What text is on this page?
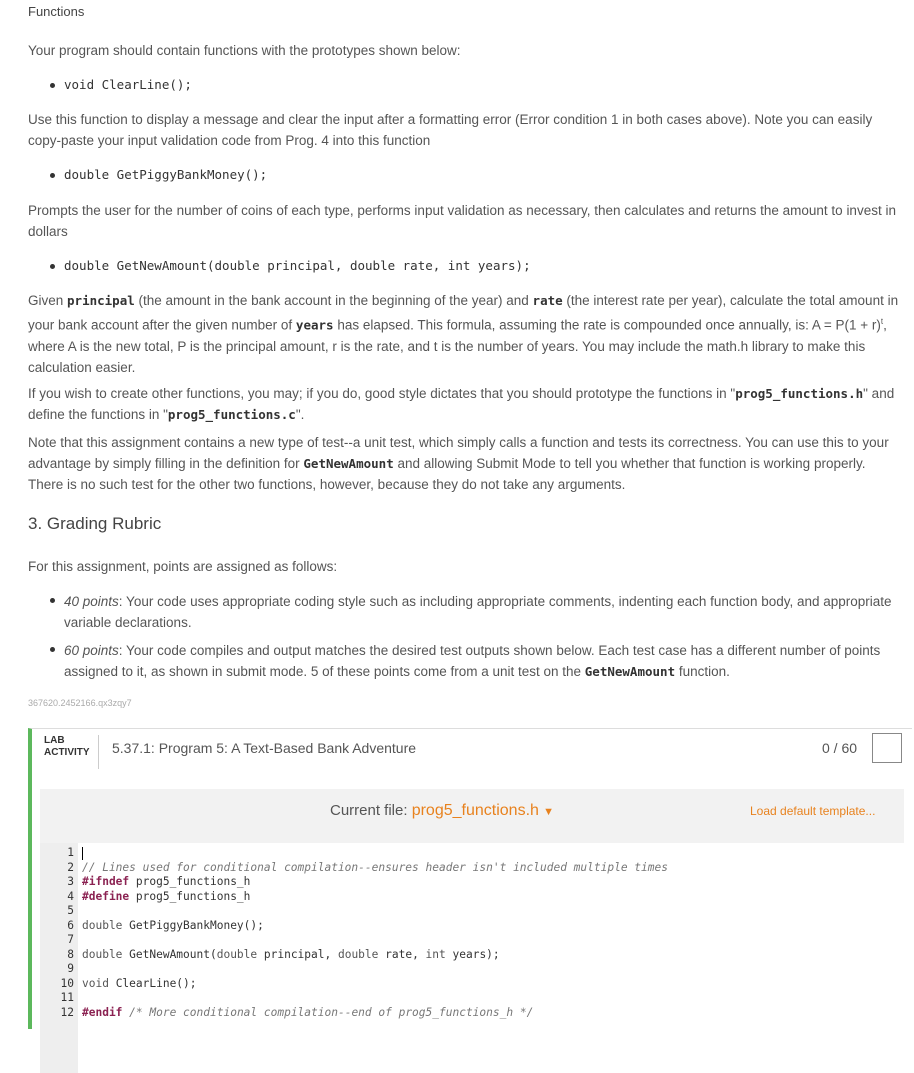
Functions
Your program should contain functions with the prototypes shown below:
void ClearLine();
Use this function to display a message and clear the input after a formatting error (Error condition 1 in both cases above). Note you can easily copy-paste your input validation code from Prog. 4 into this function
double GetPiggyBankMoney();
Prompts the user for the number of coins of each type, performs input validation as necessary, then calculates and returns the amount to invest in dollars
double GetNewAmount(double principal, double rate, int years);
Given principal (the amount in the bank account in the beginning of the year) and rate (the interest rate per year), calculate the total amount in your bank account after the given number of years has elapsed. This formula, assuming the rate is compounded once annually, is: $A = P(1 + r)^t$, where A is the new total, P is the principal amount, r is the rate, and t is the number of years. You may include the math.h library to make this calculation easier.
If you wish to create other functions, you may; if you do, good style dictates that you should prototype the functions in "prog5_functions.h" and define the functions in "prog5_functions.c".
Note that this assignment contains a new type of test--a unit test, which simply calls a function and tests its correctness. You can use this to your advantage by simply filling in the definition for GetNewAmount and allowing Submit Mode to tell you whether that function is working properly. There is no such test for the other two functions, however, because they do not take any arguments.
3. Grading Rubric
For this assignment, points are assigned as follows:
40 points: Your code uses appropriate coding style such as including appropriate comments, indenting each function body, and appropriate variable declarations.
60 points: Your code compiles and output matches the desired test outputs shown below. Each test case has a different number of points assigned to it, as shown in submit mode. 5 of these points come from a unit test on the GetNewAmount function.
367620.2452166.qx3zqy7
LAB
ACTIVITY 5.37.1: Program 5: A Text-Based Bank Adventure	0 / 60
Current file: prog5_functions.h ▼	Load default template...
1
2 // Lines used for conditional compilation--ensures header isn't included multiple times
3 #ifndef prog5_functions_h
4 #define prog5_functions_h
5
6 double GetPiggyBankMoney();
7
8 double GetNewAmount(double principal, double rate, int years);
9
10 void ClearLine();
11
12 #endif /* More conditional compilation--end of prog5_functions_h */
